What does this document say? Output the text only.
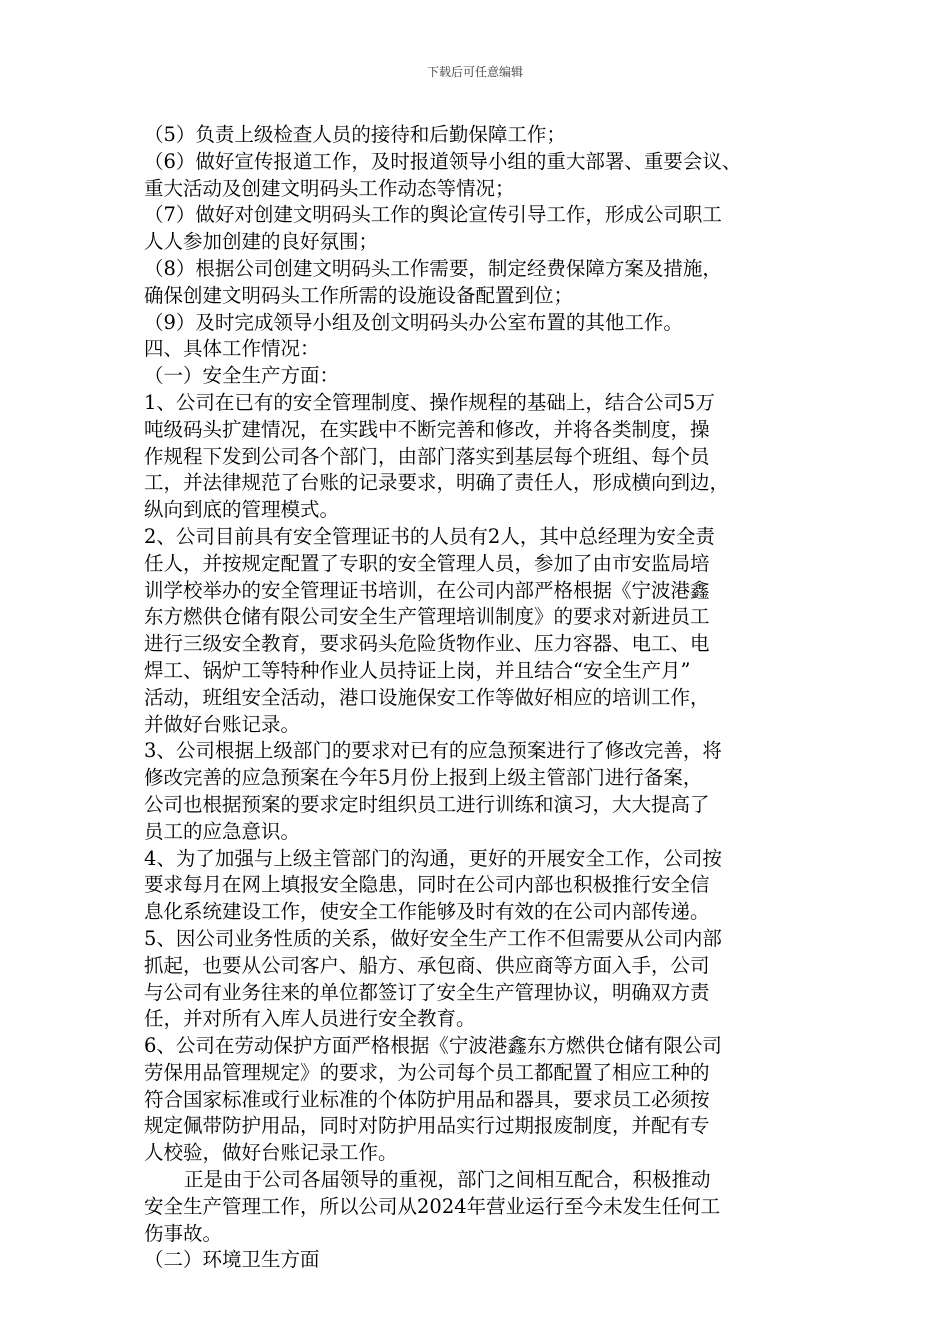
下载后可任意编辑
（5）负责上级检查人员的接待和后勤保障工作；
（6）做好宣传报道工作，及时报道领导小组的重大部署、重要会议、
重大活动及创建文明码头工作动态等情况；
（7）做好对创建文明码头工作的舆论宣传引导工作，形成公司职工
人人参加创建的良好氛围；
（8）根据公司创建文明码头工作需要，制定经费保障方案及措施，
确保创建文明码头工作所需的设施设备配置到位；
（9）及时完成领导小组及创文明码头办公室布置的其他工作。
四、具体工作情况：
（一）安全生产方面：
1、公司在已有的安全管理制度、操作规程的基础上，结合公司5万
吨级码头扩建情况，在实践中不断完善和修改，并将各类制度，操
作规程下发到公司各个部门，由部门落实到基层每个班组、每个员
工，并法律规范了台账的记录要求，明确了责任人，形成横向到边，
纵向到底的管理模式。
2、公司目前具有安全管理证书的人员有2人，其中总经理为安全责
任人，并按规定配置了专职的安全管理人员，参加了由市安监局培
训学校举办的安全管理证书培训，在公司内部严格根据《宁波港鑫
东方燃供仓储有限公司安全生产管理培训制度》的要求对新进员工
进行三级安全教育，要求码头危险货物作业、压力容器、电工、电
焊工、锅炉工等特种作业人员持证上岗，并且结合“安全生产月”
活动，班组安全活动，港口设施保安工作等做好相应的培训工作，
并做好台账记录。
3、公司根据上级部门的要求对已有的应急预案进行了修改完善，将
修改完善的应急预案在今年5月份上报到上级主管部门进行备案，
公司也根据预案的要求定时组织员工进行训练和演习，大大提高了
员工的应急意识。
4、为了加强与上级主管部门的沟通，更好的开展安全工作，公司按
要求每月在网上填报安全隐患，同时在公司内部也积极推行安全信
息化系统建设工作，使安全工作能够及时有效的在公司内部传递。
5、因公司业务性质的关系，做好安全生产工作不但需要从公司内部
抓起，也要从公司客户、船方、承包商、供应商等方面入手，公司
与公司有业务往来的单位都签订了安全生产管理协议，明确双方责
任，并对所有入库人员进行安全教育。
6、公司在劳动保护方面严格根据《宁波港鑫东方燃供仓储有限公司
劳保用品管理规定》的要求，为公司每个员工都配置了相应工种的
符合国家标准或行业标准的个体防护用品和器具，要求员工必须按
规定佩带防护用品，同时对防护用品实行过期报废制度，并配有专
人校验，做好台账记录工作。
正是由于公司各届领导的重视，部门之间相互配合，积极推动
安全生产管理工作，所以公司从2024年营业运行至今未发生任何工
伤事故。
（二）环境卫生方面
